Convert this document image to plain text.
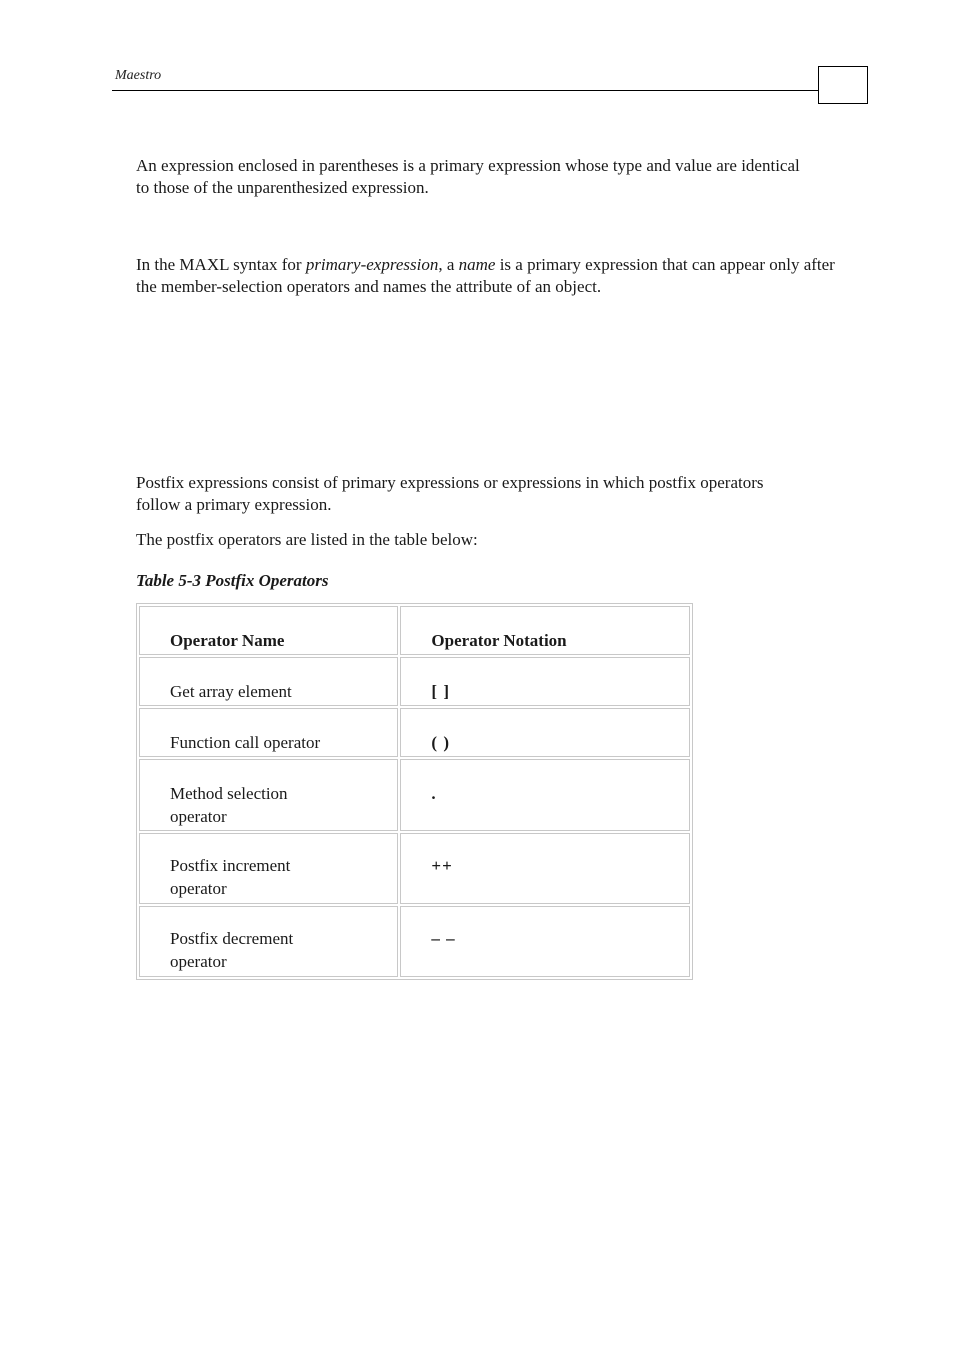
Maestro

An expression enclosed in parentheses is a primary expression whose type and value are identical to those of the unparenthesized expression.

In the MAXL syntax for primary-expression, a name is a primary expression that can appear only after the member-selection operators and names the attribute of an object.

Postfix expressions consist of primary expressions or expressions in which postfix operators follow a primary expression.

The postfix operators are listed in the table below:

Table 5-3 Postfix Operators

Operator Name	Operator Notation

Get array element	[ ]

Function call operator	( )

Method selection operator	.

Postfix increment operator	++

Postfix decrement operator	– –
